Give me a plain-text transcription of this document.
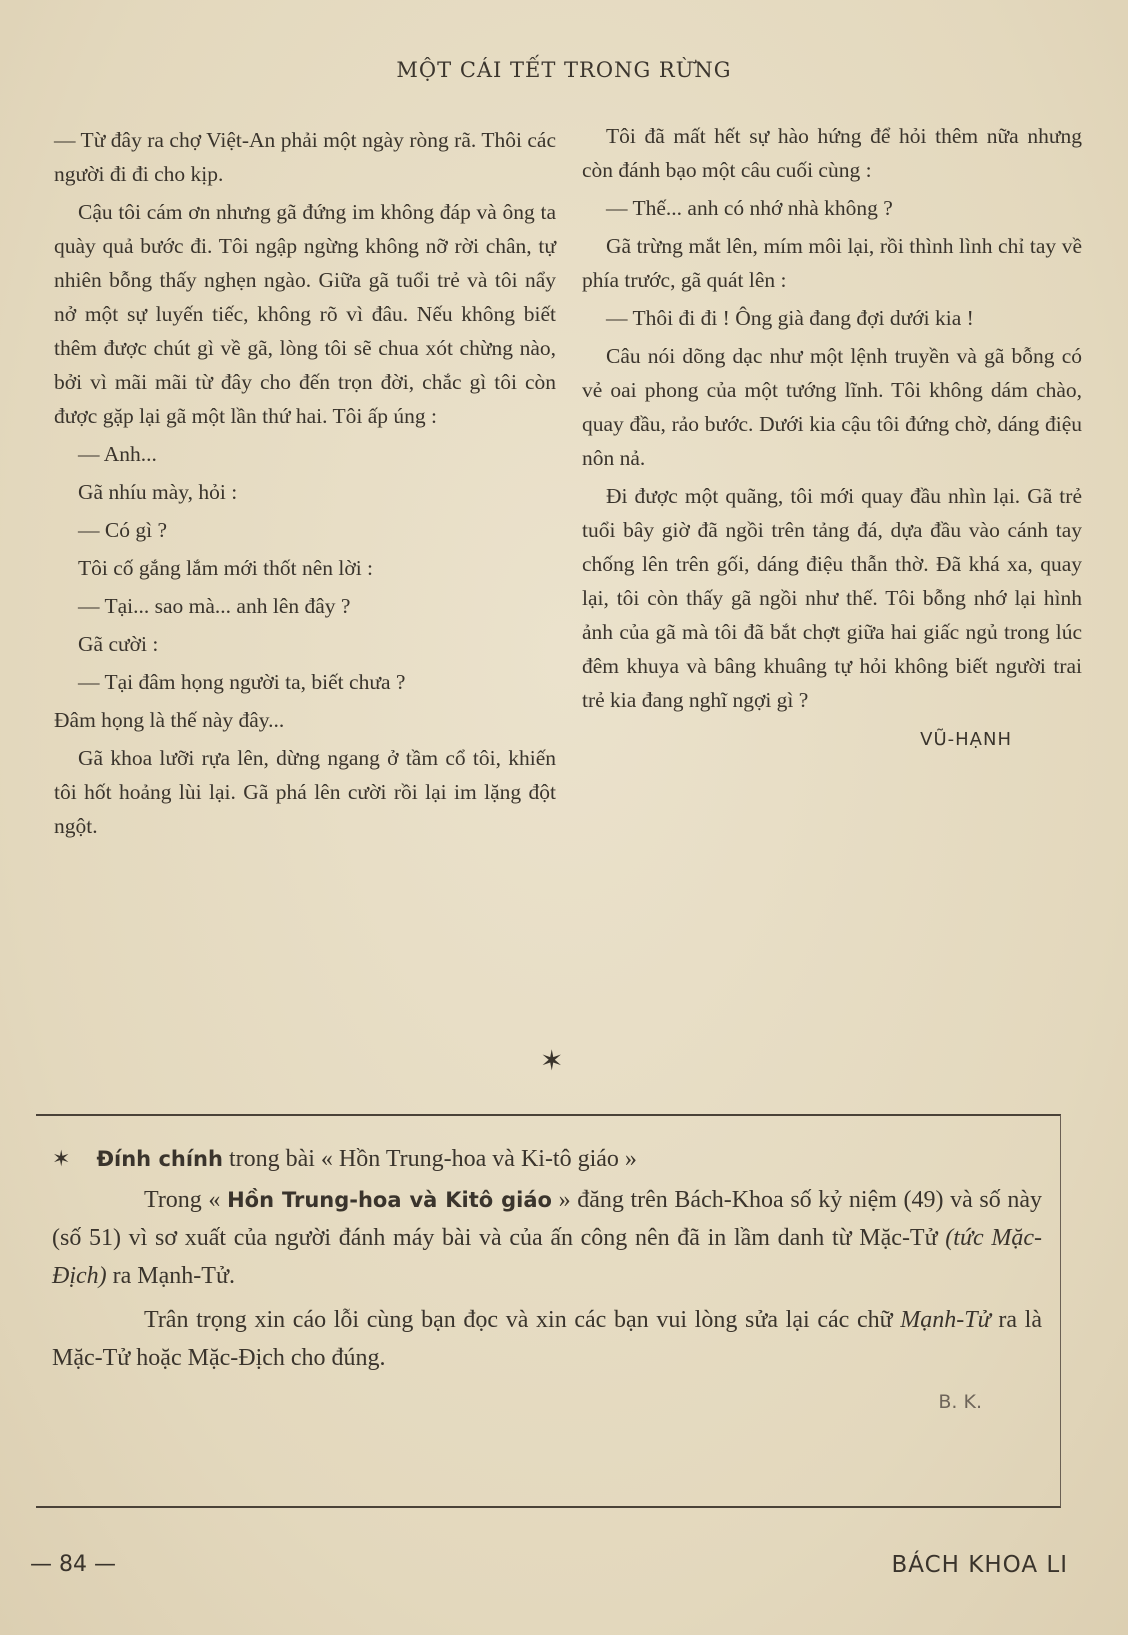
MỘT CÁI TẾT TRONG RỪNG

— Từ đây ra chợ Việt-An phải một ngày ròng rã. Thôi các người đi đi cho kịp.

Cậu tôi cám ơn nhưng gã đứng im không đáp và ông ta quày quả bước đi. Tôi ngập ngừng không nỡ rời chân, tự nhiên bỗng thấy nghẹn ngào. Giữa gã tuổi trẻ và tôi nẩy nở một sự luyến tiếc, không rõ vì đâu. Nếu không biết thêm được chút gì về gã, lòng tôi sẽ chua xót chừng nào, bởi vì mãi mãi từ đây cho đến trọn đời, chắc gì tôi còn được gặp lại gã một lần thứ hai. Tôi ấp úng :

— Anh...

Gã nhíu mày, hỏi :

— Có gì ?

Tôi cố gắng lắm mới thốt nên lời :

— Tại... sao mà... anh lên đây ?

Gã cười :

— Tại đâm họng người ta, biết chưa ?

Đâm họng là thế này đây...

Gã khoa lưỡi rựa lên, dừng ngang ở tầm cổ tôi, khiến tôi hốt hoảng lùi lại. Gã phá lên cười rồi lại im lặng đột ngột.

Tôi đã mất hết sự hào hứng để hỏi thêm nữa nhưng còn đánh bạo một câu cuối cùng :

— Thế... anh có nhớ nhà không ?

Gã trừng mắt lên, mím môi lại, rồi thình lình chỉ tay về phía trước, gã quát lên :

— Thôi đi đi ! Ông già đang đợi dưới kia !

Câu nói dõng dạc như một lệnh truyền và gã bỗng có vẻ oai phong của một tướng lĩnh. Tôi không dám chào, quay đầu, rảo bước. Dưới kia cậu tôi đứng chờ, dáng điệu nôn nả.

Đi được một quãng, tôi mới quay đầu nhìn lại. Gã trẻ tuổi bây giờ đã ngồi trên tảng đá, dựa đầu vào cánh tay chống lên trên gối, dáng điệu thẫn thờ. Đã khá xa, quay lại, tôi còn thấy gã ngồi như thế. Tôi bỗng nhớ lại hình ảnh của gã mà tôi đã bắt chợt giữa hai giấc ngủ trong lúc đêm khuya và bâng khuâng tự hỏi không biết người trai trẻ kia đang nghĩ ngợi gì ?

VŨ-HẠNH

✶
✶ Đính chính trong bài « Hồn Trung-hoa và Ki-tô giáo »

Trong « Hồn Trung-hoa và Kitô giáo » đăng trên Bách-Khoa số kỷ niệm (49) và số này (số 51) vì sơ xuất của người đánh máy bài và của ấn công nên đã in lầm danh từ Mặc-Tử (tức Mặc-Địch) ra Mạnh-Tử.

Trân trọng xin cáo lỗi cùng bạn đọc và xin các bạn vui lòng sửa lại các chữ Mạnh-Tử ra là Mặc-Tử hoặc Mặc-Địch cho đúng.

B. K.
— 84 —	BÁCH KHOA LI
